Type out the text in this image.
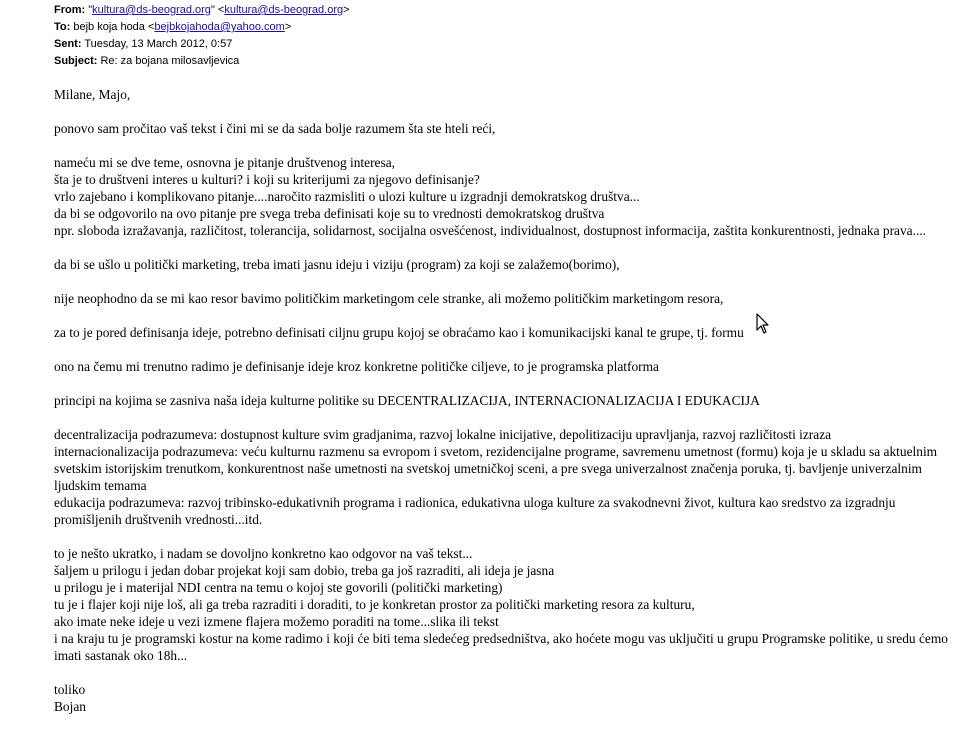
From: "kultura@ds-beograd.org" <kultura@ds-beograd.org>
To: bejb koja hoda <bejbkojahoda@yahoo.com>
Sent: Tuesday, 13 March 2012, 0:57
Subject: Re: za bojana milosavljevica

Milane, Majo,

ponovo sam pročitao vaš tekst i čini mi se da sada bolje razumem šta ste hteli reći,

nameću mi se dve teme, osnovna je pitanje društvenog interesa,

šta je to društveni interes u kulturi? i koji su kriterijumi za njegovo definisanje?

vrlo zajebano i komplikovano pitanje....naročito razmisliti o ulozi kulture u izgradnji demokratskog društva...

da bi se odgovorilo na ovo pitanje pre svega treba definisati koje su to vrednosti demokratskog društva

npr. sloboda izražavanja, različitost, tolerancija, solidarnost, socijalna osvešćenost, individualnost, dostupnost informacija, zaštita konkurentnosti, jednaka prava....

da bi se ušlo u politički marketing, treba imati jasnu ideju i viziju (program) za koji se zalažemo(borimo),

nije neophodno da se mi kao resor bavimo političkim marketingom cele stranke, ali možemo političkim marketingom resora,

za to je pored definisanja ideje, potrebno definisati ciljnu grupu kojoj se obraćamo kao i komunikacijski kanal te grupe, tj. formu

ono na čemu mi trenutno radimo je definisanje ideje kroz konkretne političke ciljeve, to je programska platforma

principi na kojima se zasniva naša ideja kulturne politike su DECENTRALIZACIJA, INTERNACIONALIZACIJA I EDUKACIJA

decentralizacija podrazumeva: dostupnost kulture svim gradjanima, razvoj lokalne inicijative, depolitizaciju upravljanja, razvoj različitosti izraza

internacionalizacija podrazumeva: veću kulturnu razmenu sa evropom i svetom, rezidencijalne programe, savremenu umetnost (formu) koja je u skladu sa aktuelnim svetskim istorijskim trenutkom, konkurentnost naše umetnosti na svetskoj umetničkoj sceni, a pre svega univerzalnost značenja poruka, tj. bavljenje univerzalnim ljudskim temama

edukacija podrazumeva: razvoj tribinsko-edukativnih programa i radionica, edukativna uloga kulture za svakodnevni život, kultura kao sredstvo za izgradnju promišljenih društvenih vrednosti...itd.

to je nešto ukratko, i nadam se dovoljno konkretno kao odgovor na vaš tekst...

šaljem u prilogu i jedan dobar projekat koji sam dobio, treba ga još razraditi, ali ideja je jasna

u prilogu je i materijal NDI centra na temu o kojoj ste govorili (politički marketing)

tu je i flajer koji nije loš, ali ga treba razraditi i doraditi, to je konkretan prostor za politički marketing resora za kulturu,

ako imate neke ideje u vezi izmene flajera možemo poraditi na tome...slika ili tekst

i na kraju tu je programski kostur na kome radimo i koji će biti tema sledećeg predsedništva, ako hoćete mogu vas uključiti u grupu Programske politike, u sredu ćemo imati sastanak oko 18h...

toliko

Bojan
